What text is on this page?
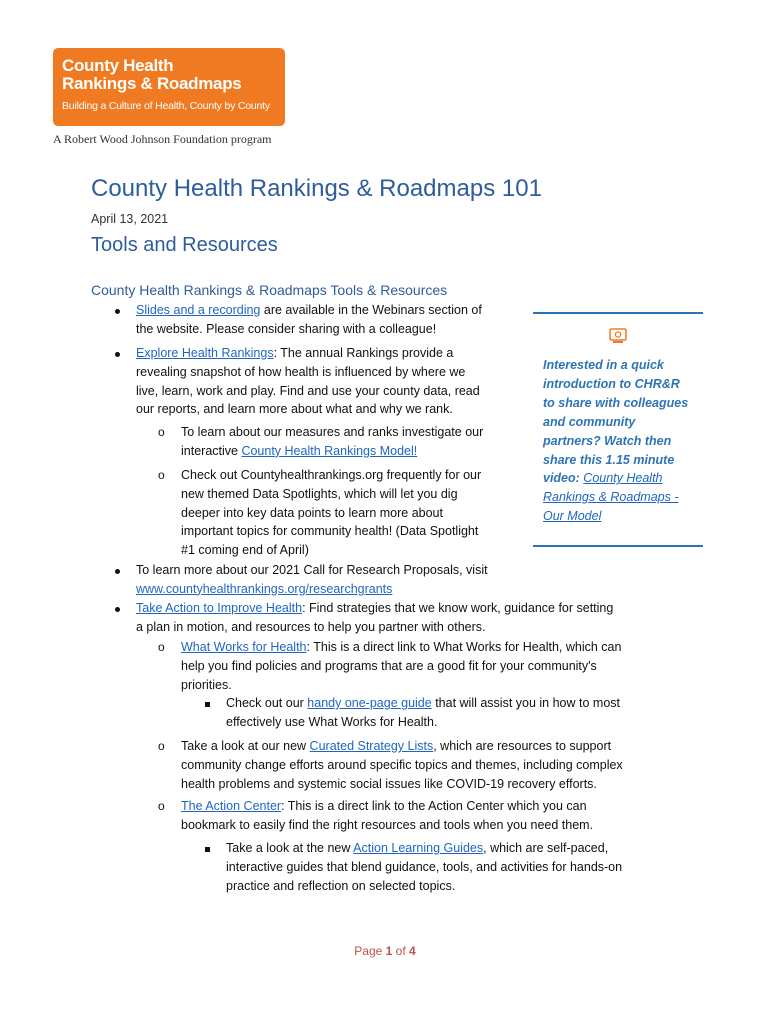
County Health
Rankings & Roadmaps
Building a Culture of Health, County by County
A Robert Wood Johnson Foundation program
County Health Rankings & Roadmaps 101
April 13, 2021
Tools and Resources
County Health Rankings & Roadmaps Tools & Resources
Slides and a recording are available in the Webinars section of
the website. Please consider sharing with a colleague!
Explore Health Rankings: The annual Rankings provide a
revealing snapshot of how health is influenced by where we
live, learn, work and play. Find and use your county data, read
our reports, and learn more about what and why we rank.
o To learn about our measures and ranks investigate our
interactive County Health Rankings Model!
o Check out Countyhealthrankings.org frequently for our
new themed Data Spotlights, which will let you dig
deeper into key data points to learn more about
important topics for community health! (Data Spotlight
#1 coming end of April)
To learn more about our 2021 Call for Research Proposals, visit
www.countyhealthrankings.org/researchgrants
Take Action to Improve Health: Find strategies that we know work, guidance for setting
a plan in motion, and resources to help you partner with others.
o What Works for Health: This is a direct link to What Works for Health, which can
help you find policies and programs that are a good fit for your community's
priorities.
Check out our handy one-page guide that will assist you in how to most
effectively use What Works for Health.
o Take a look at our new Curated Strategy Lists, which are resources to support
community change efforts around specific topics and themes, including complex
health problems and systemic social issues like COVID-19 recovery efforts.
o The Action Center: This is a direct link to the Action Center which you can
bookmark to easily find the right resources and tools when you need them.
Take a look at the new Action Learning Guides, which are self-paced,
interactive guides that blend guidance, tools, and activities for hands-on
practice and reflection on selected topics.
Interested in a quick
introduction to CHR&R
to share with colleagues
and community
partners? Watch then
share this 1.15 minute
video: County Health
Rankings & Roadmaps -
Our Model
Page 1 of 4
